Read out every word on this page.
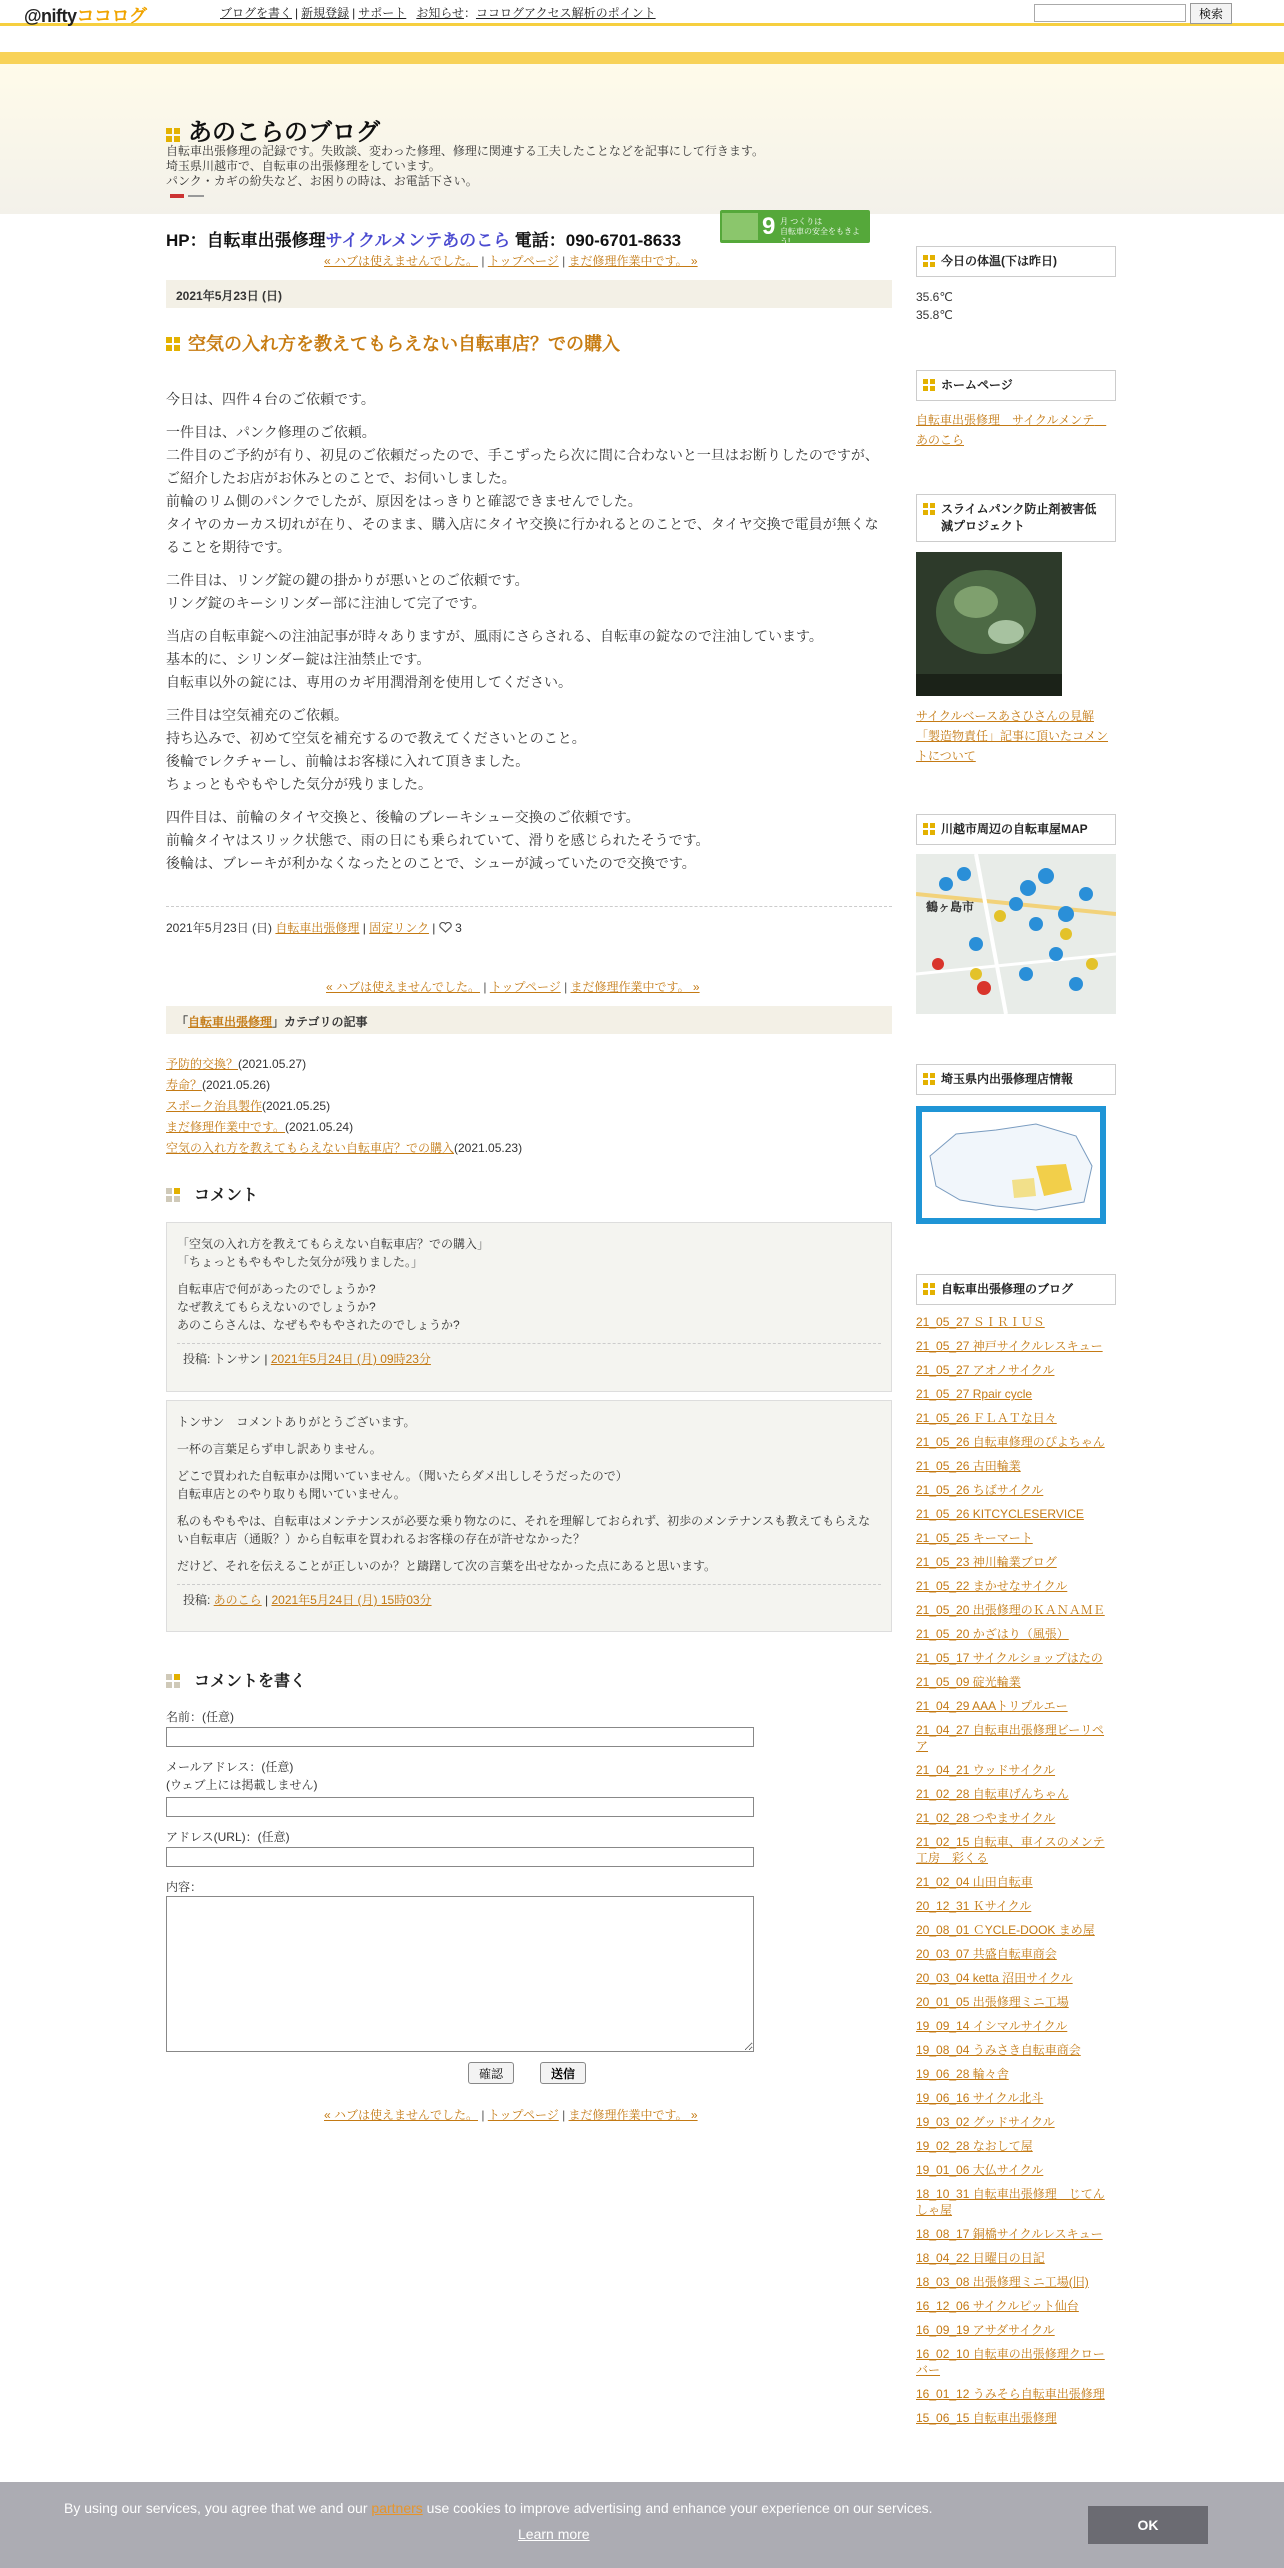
@niftyココログ	ブログを書く | 新規登録 | サポート お知らせ：ココログアクセス解析のポイント	検索
あのこらのブログ
自転車出張修理の記録です。失敗談、変わった修理、修理に関連する工夫したことなどを記事にして行きます。
埼玉県川越市で、自転車の出張修理をしています。
パンク・カギの紛失など、お困りの時は、お電話下さい。
HP：自転車出張修理サイクルメンテあのこら 電話：090-6701-8633
9 月 つくりは
自転車の安全をもきよう!
« ハブは使えませんでした。 | トップページ | まだ修理作業中です。 »
2021年5月23日 (日)
空気の入れ方を教えてもらえない自転車店？での購入

今日は、四件４台のご依頼です。

一件目は、パンク修理のご依頼。
二件目のご予約が有り、初見のご依頼だったので、手こずったら次に間に合わないと一旦はお断りしたのですが、ご紹介したお店がお休みとのことで、お伺いしました。
前輪のリム側のパンクでしたが、原因をはっきりと確認できませんでした。
タイヤのカーカス切れが在り、そのまま、購入店にタイヤ交換に行かれるとのことで、タイヤ交換で電員が無くなることを期待です。

二件目は、リング錠の鍵の掛かりが悪いとのご依頼です。
リング錠のキーシリンダー部に注油して完了です。

当店の自転車錠への注油記事が時々ありますが、風雨にさらされる、自転車の錠なので注油しています。
基本的に、シリンダー錠は注油禁止です。
自転車以外の錠には、専用のカギ用潤滑剤を使用してください。

三件目は空気補充のご依頼。
持ち込みで、初めて空気を補充するので教えてくださいとのこと。
後輪でレクチャーし、前輪はお客様に入れて頂きました。
ちょっともやもやした気分が残りました。

四件目は、前輪のタイヤ交換と、後輪のブレーキシュー交換のご依頼です。
前輪タイヤはスリック状態で、雨の日にも乗られていて、滑りを感じられたそうです。
後輪は、ブレーキが利かなくなったとのことで、シューが減っていたので交換です。

2021年5月23日 (日) 自転車出張修理 | 固定リンク |  3
« ハブは使えませんでした。 | トップページ | まだ修理作業中です。 »
「自転車出張修理」カテゴリの記事
予防的交換？(2021.05.27)
寿命？(2021.05.26)
スポーク治具製作(2021.05.25)
まだ修理作業中です。(2021.05.24)
空気の入れ方を教えてもらえない自転車店？での購入(2021.05.23)
コメント

「空気の入れ方を教えてもらえない自転車店？での購入」
「ちょっともやもやした気分が残りました。」

自転車店で何があったのでしょうか?
なぜ教えてもらえないのでしょうか?
あのこらさんは、なぜもやもやされたのでしょうか?

投稿: トンサン | 2021年5月24日 (月) 09時23分

トンサン　コメントありがとうございます。

一杯の言葉足らず申し訳ありません。

どこで買われた自転車かは聞いていません。（聞いたらダメ出ししそうだったので）
自転車店とのやり取りも聞いていません。

私のもやもやは、自転車はメンテナンスが必要な乗り物なのに、それを理解しておられず、初歩のメンテナンスも教えてもらえない自転車店（通販？）から自転車を買われるお客様の存在が許せなかった？

だけど、それを伝えることが正しいのか？と躊躇して次の言葉を出せなかった点にあると思います。

投稿: あのこら | 2021年5月24日 (月) 15時03分
コメントを書く
名前：(任意)
メールアドレス：(任意)
(ウェブ上には掲載しません)
アドレス(URL)：(任意)
内容：
確認	送信
« ハブは使えませんでした。 | トップページ | まだ修理作業中です。 »
今日の体温(下は昨日)
35.6℃
35.8℃
ホームページ
自転車出張修理　サイクルメンテ　あのこら
スライムパンク防止剤被害低減プロジェクト
サイクルベースあさひさんの見解「製造物責任」記事に頂いたコメントについて
川越市周辺の自転車屋MAP
鶴ヶ島市
埼玉県内出張修理店情報
自転車出張修理のブログ
21_05_27 ＳＩＲＩＵＳ
21_05_27 神戸サイクルレスキュー
21_05_27 アオノサイクル
21_05_27 Rpair cycle
21_05_26 ＦＬＡＴな日々
21_05_26 自転車修理のぴよちゃん
21_05_26 古田輪業
21_05_26 ちばサイクル
21_05_26 KITCYCLESERVICE
21_05_25 キーマート
21_05_23 神川輪業ブログ
21_05_22 まかせなサイクル
21_05_20 出張修理のＫＡＮＡＭＥ
21_05_20 かざはり（風張）
21_05_17 サイクルショップはたの
21_05_09 碇光輪業
21_04_29 AAAトリプルエー
21_04_27 自転車出張修理ビーリペア
21_04_21 ウッドサイクル
21_02_28 自転車げんちゃん
21_02_28 つやまサイクル
21_02_15 自転車、車イスのメンテ工房　彩くる
21_02_04 山田自転車
20_12_31 Ｋサイクル
20_08_01 ＣYCLE-DOOK まめ屋
20_03_07 共盛自転車商会
20_03_04 ketta 沼田サイクル
20_01_05 出張修理ミニ工場
19_09_14 イシマルサイクル
19_08_04 うみさき自転車商会
19_06_28 輪々舎
19_06_16 サイクル北斗
19_03_02 グッドサイクル
19_02_28 なおして屋
19_01_06 大仏サイクル
18_10_31 自転車出張修理　じてんしゃ屋
18_08_17 銅橋サイクルレスキュー
18_04_22 日曜日の日記
18_03_08 出張修理ミニ工場(旧)
16_12_06 サイクルピット仙台
16_09_19 アサダサイクル
16_02_10 自転車の出張修理クローバー
16_01_12 うみそら自転車出張修理
15_06_15 自転車出張修理
By using our services, you agree that we and our partners use cookies to improve advertising and enhance your experience on our services.
Learn more
OK
